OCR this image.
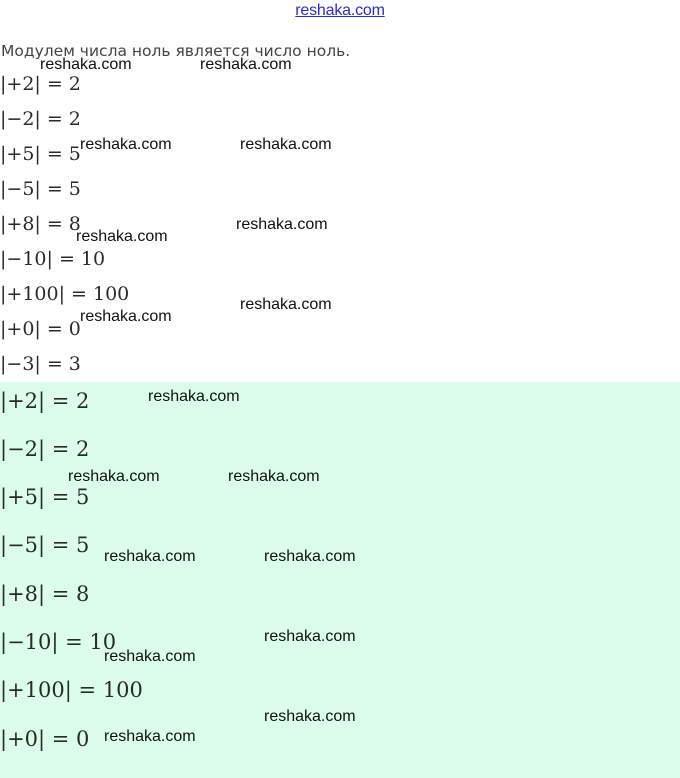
reshaka.com
Модулем числа ноль является число ноль.
|+2| = 2
|−2| = 2
|+5| = 5
|−5| = 5
|+8| = 8
|−10| = 10
|+100| = 100
|+0| = 0
|−3| = 3
|+2| = 2
|−2| = 2
|+5| = 5
|−5| = 5
|+8| = 8
|−10| = 10
|+100| = 100
|+0| = 0
reshaka.com	reshaka.com
reshaka.com	reshaka.com
reshaka.com
reshaka.com
reshaka.com
reshaka.com
reshaka.com
reshaka.com	reshaka.com
reshaka.com	reshaka.com
reshaka.com
reshaka.com
reshaka.com
reshaka.com
